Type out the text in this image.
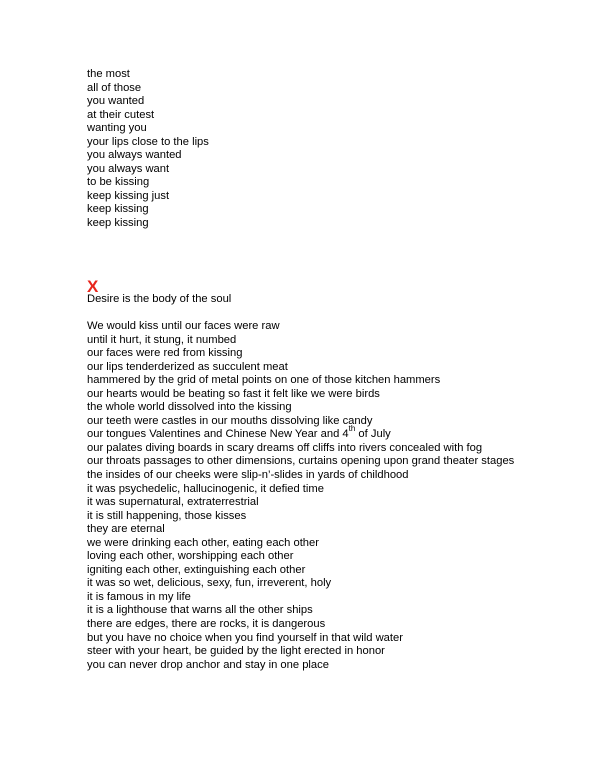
the most
all of those
you wanted
at their cutest
wanting you
your lips close to the lips
you always wanted
you always want
to be kissing
keep kissing just
keep kissing
keep kissing
X
Desire is the body of the soul
We would kiss until our faces were raw
until it hurt, it stung, it numbed
our faces were red from kissing
our lips tenderderized as succulent meat
hammered by the grid of metal points on one of those kitchen hammers
our hearts would be beating so fast it felt like we were birds
the whole world dissolved into the kissing
our teeth were castles in our mouths dissolving like candy
our tongues Valentines and Chinese New Year and 4th of July
our palates diving boards in scary dreams off cliffs into rivers concealed with fog
our throats passages to other dimensions, curtains opening upon grand theater stages
the insides of our cheeks were slip-n’-slides in yards of childhood
it was psychedelic, hallucinogenic, it defied time
it was supernatural, extraterrestrial
it is still happening, those kisses
they are eternal
we were drinking each other, eating each other
loving each other, worshipping each other
igniting each other, extinguishing each other
it was so wet, delicious, sexy, fun, irreverent, holy
it is famous in my life
it is a lighthouse that warns all the other ships
there are edges, there are rocks, it is dangerous
but you have no choice when you find yourself in that wild water
steer with your heart, be guided by the light erected in honor
you can never drop anchor and stay in one place
